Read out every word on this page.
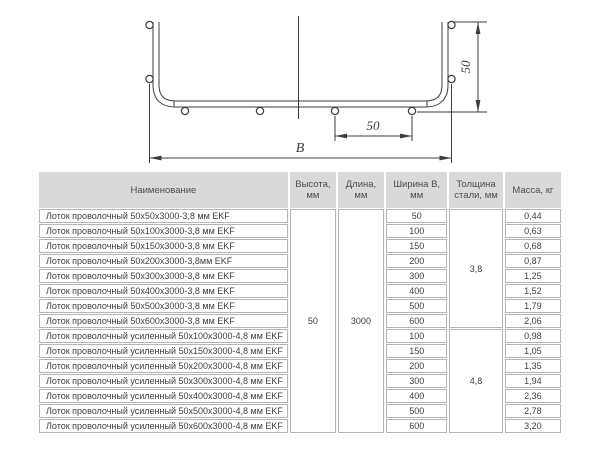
50
50
B
Наименование	Высота, мм	Длина, мм	Ширина B, мм	Толщина стали, мм	Масса, кг
Лоток проволочный 50x50x3000-3,8 мм EKF	50	3000	50	3,8	0,44
Лоток проволочный 50x100x3000-3,8 мм EKF			100		0,63
Лоток проволочный 50x150x3000-3,8 мм EKF			150		0,68
Лоток проволочный 50x200x3000-3,8мм EKF			200		0,87
Лоток проволочный 50x300x3000-3,8 мм EKF			300		1,25
Лоток проволочный 50x400x3000-3,8 мм EKF			400		1,52
Лоток проволочный 50x500x3000-3,8 мм EKF			500		1,79
Лоток проволочный 50x600x3000-3,8 мм EKF			600		2,06
Лоток проволочный усиленный 50x100x3000-4,8 мм EKF			100	4,8	0,98
Лоток проволочный усиленный 50x150x3000-4,8 мм EKF			150		1,05
Лоток проволочный усиленный 50x200x3000-4,8 мм EKF			200		1,35
Лоток проволочный усиленный 50x300x3000-4,8 мм EKF			300		1,94
Лоток проволочный усиленный 50x400x3000-4,8 мм EKF			400		2,36
Лоток проволочный усиленный 50x500x3000-4,8 мм EKF			500		2,78
Лоток проволочный усиленный 50x600x3000-4,8 мм EKF			600		3,20
